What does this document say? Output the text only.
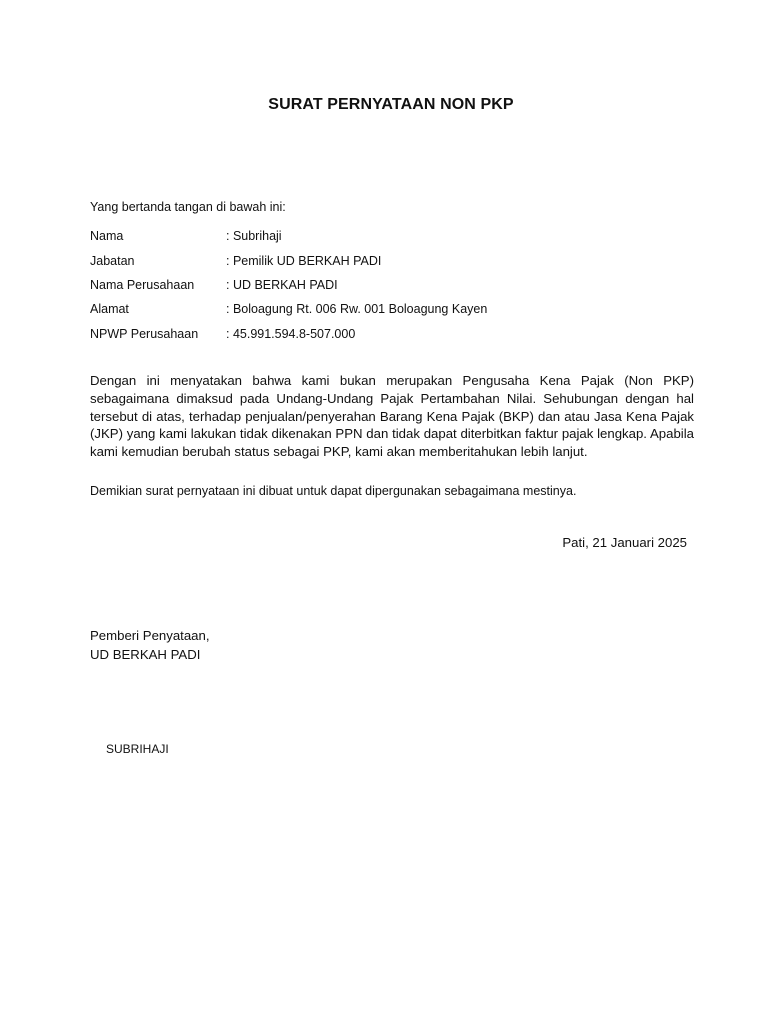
SURAT PERNYATAAN NON PKP
Yang bertanda tangan di bawah ini:
Nama	: Subrihaji
Jabatan	: Pemilik UD BERKAH PADI
Nama Perusahaan	: UD BERKAH PADI
Alamat	: Boloagung Rt. 006 Rw. 001 Boloagung Kayen
NPWP Perusahaan	: 45.991.594.8-507.000

Dengan ini menyatakan bahwa kami bukan merupakan Pengusaha Kena Pajak (Non PKP) sebagaimana dimaksud pada Undang-Undang Pajak Pertambahan Nilai. Sehubungan dengan hal tersebut di atas, terhadap penjualan/penyerahan Barang Kena Pajak (BKP) dan atau Jasa Kena Pajak (JKP) yang kami lakukan tidak dikenakan PPN dan tidak dapat diterbitkan faktur pajak lengkap. Apabila kami kemudian berubah status sebagai PKP, kami akan memberitahukan lebih lanjut.

Demikian surat pernyataan ini dibuat untuk dapat dipergunakan sebagaimana mestinya.

Pati, 21 Januari 2025
Pemberi Penyataan,
UD BERKAH PADI
SUBRIHAJI
